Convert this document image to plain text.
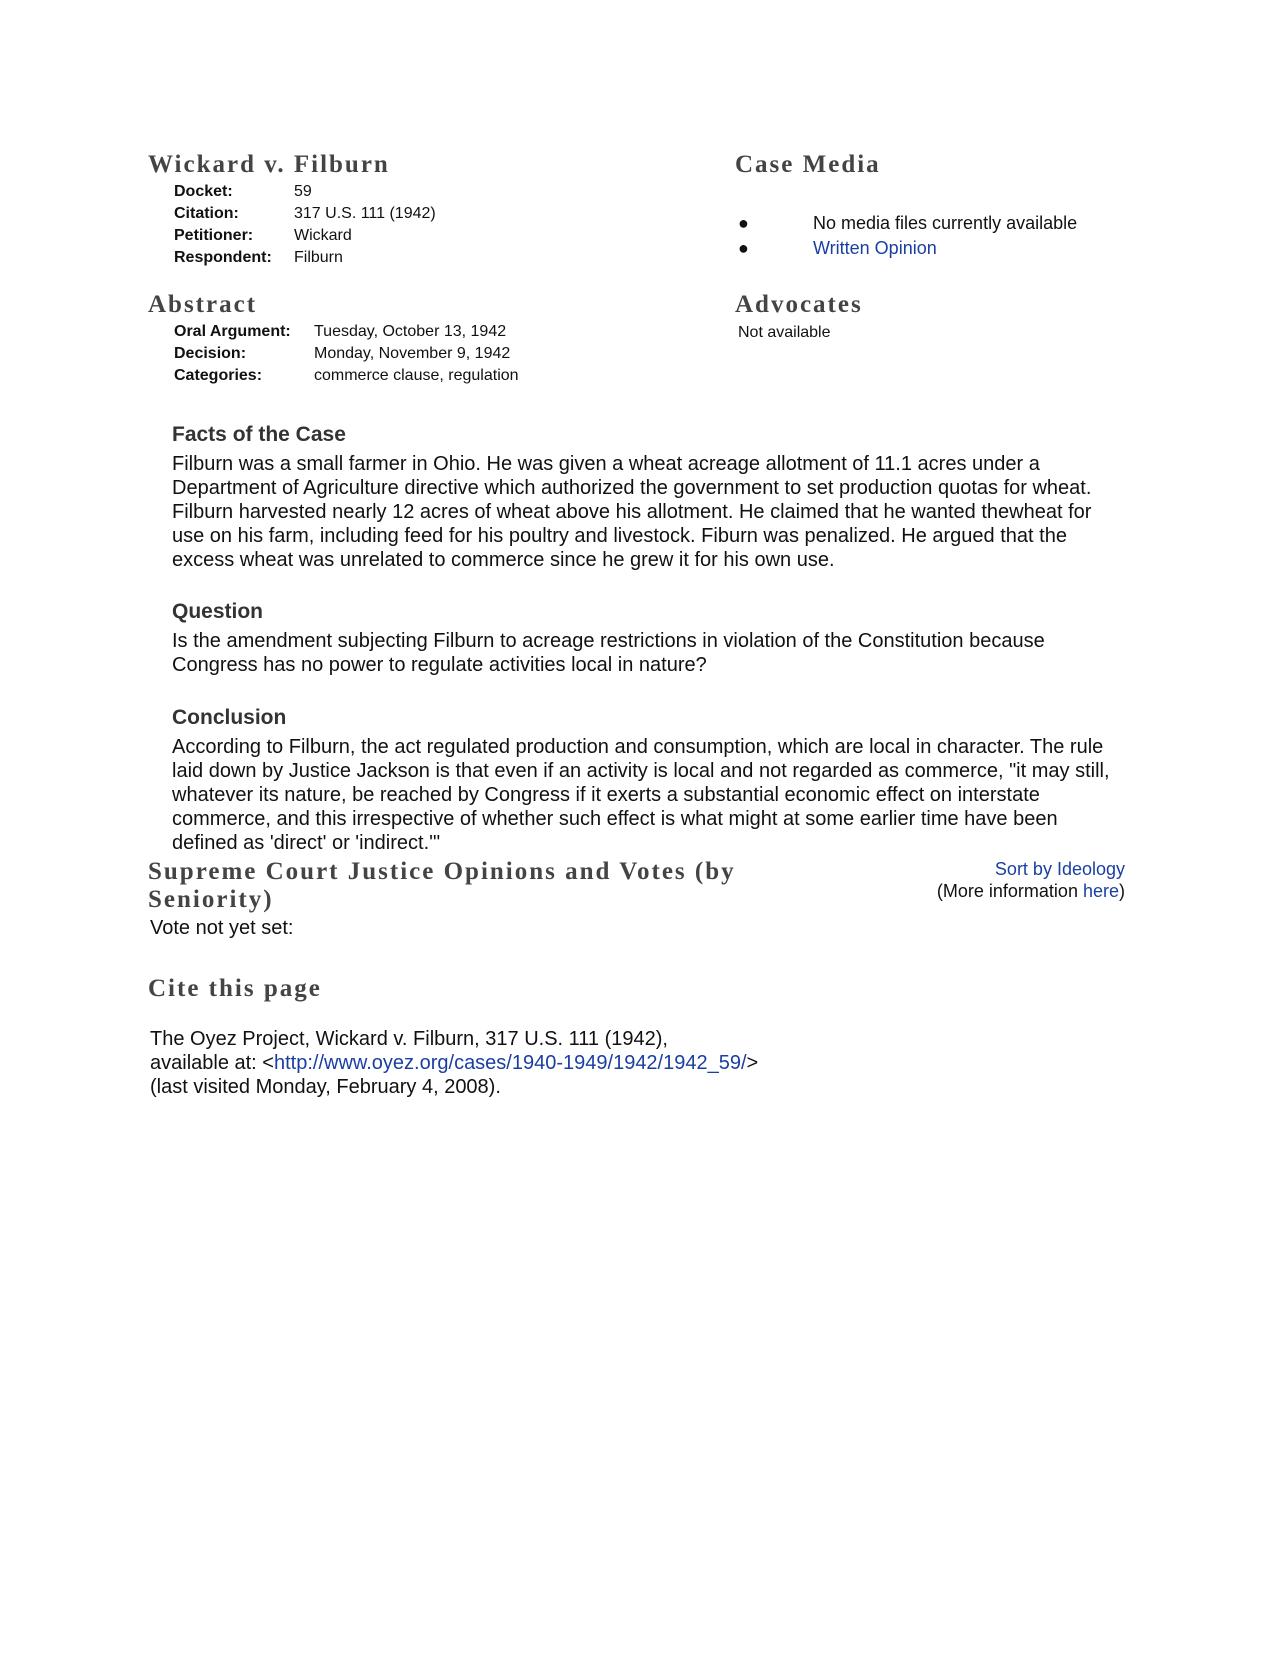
Wickard v. Filburn
Docket:	59
Citation:	317 U.S. 111 (1942)
Petitioner:	Wickard
Respondent:	Filburn
Abstract
Oral Argument:	Tuesday, October 13, 1942
Decision:	Monday, November 9, 1942
Categories:	commerce clause, regulation
Case Media
●	No media files currently available
●	Written Opinion
Advocates
Not available
Facts of the Case

Filburn was a small farmer in Ohio. He was given a wheat acreage allotment of 11.1 acres under a Department of Agriculture directive which authorized the government to set production quotas for wheat. Filburn harvested nearly 12 acres of wheat above his allotment. He claimed that he wanted thewheat for use on his farm, including feed for his poultry and livestock. Fiburn was penalized. He argued that the excess wheat was unrelated to commerce since he grew it for his own use.

Question

Is the amendment subjecting Filburn to acreage restrictions in violation of the Constitution because Congress has no power to regulate activities local in nature?

Conclusion

According to Filburn, the act regulated production and consumption, which are local in character. The rule laid down by Justice Jackson is that even if an activity is local and not regarded as commerce, "it may still, whatever its nature, be reached by Congress if it exerts a substantial economic effect on interstate commerce, and this irrespective of whether such effect is what might at some earlier time have been defined as 'direct' or 'indirect.'"

Supreme Court Justice Opinions and Votes (by Seniority)
Sort by Ideology
(More information here)
Vote not yet set:
Cite this page
The Oyez Project, Wickard v. Filburn, 317 U.S. 111 (1942),
available at: <http://www.oyez.org/cases/1940-1949/1942/1942_59/>
(last visited Monday, February 4, 2008).
